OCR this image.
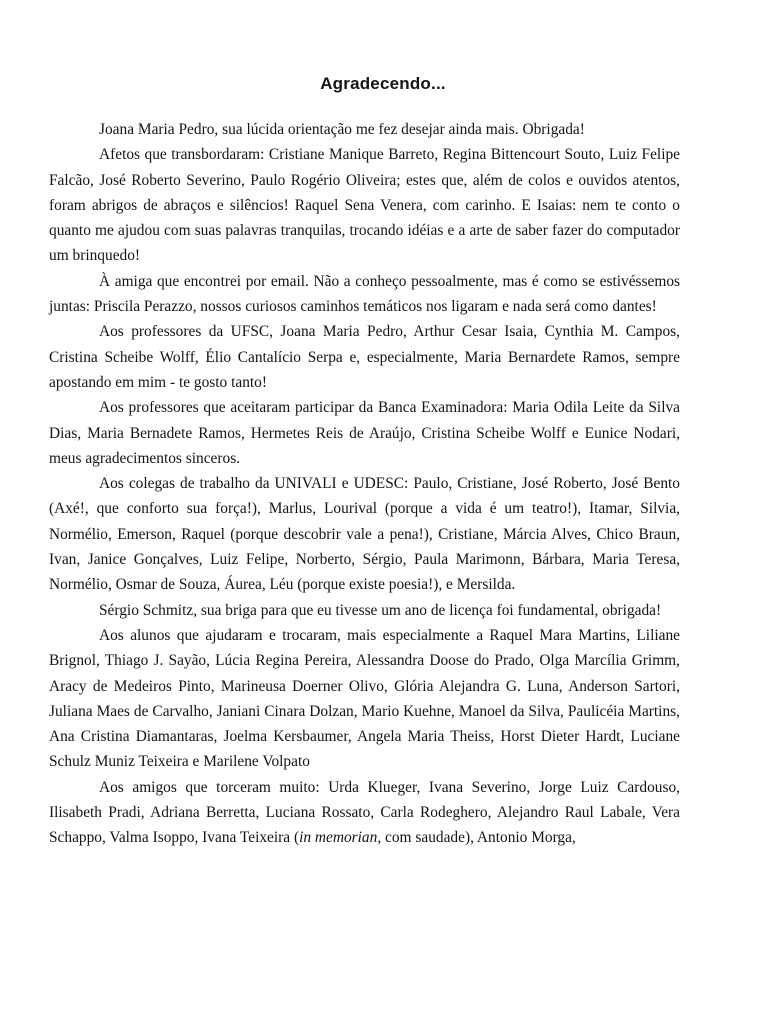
Agradecendo...

Joana Maria Pedro, sua lúcida orientação me fez desejar ainda mais. Obrigada!

Afetos que transbordaram: Cristiane Manique Barreto, Regina Bittencourt Souto, Luiz Felipe Falcão, José Roberto Severino, Paulo Rogério Oliveira; estes que, além de colos e ouvidos atentos, foram abrigos de abraços e silêncios! Raquel Sena Venera, com carinho. E Isaias: nem te conto o quanto me ajudou com suas palavras tranquilas, trocando idéias e a arte de saber fazer do computador um brinquedo!

À amiga que encontrei por email. Não a conheço pessoalmente, mas é como se estivéssemos juntas: Priscila Perazzo, nossos curiosos caminhos temáticos nos ligaram e nada será como dantes!

Aos professores da UFSC, Joana Maria Pedro, Arthur Cesar Isaia, Cynthia M. Campos, Cristina Scheibe Wolff, Élio Cantalício Serpa e, especialmente, Maria Bernardete Ramos, sempre apostando em mim - te gosto tanto!

Aos professores que aceitaram participar da Banca Examinadora: Maria Odila Leite da Silva Dias, Maria Bernadete Ramos, Hermetes Reis de Araújo, Cristina Scheibe Wolff e Eunice Nodari, meus agradecimentos sinceros.

Aos colegas de trabalho da UNIVALI e UDESC: Paulo, Cristiane, José Roberto, José Bento (Axé!, que conforto sua força!), Marlus, Lourival (porque a vida é um teatro!), Itamar, Silvia, Normélio, Emerson, Raquel (porque descobrir vale a pena!), Cristiane, Márcia Alves, Chico Braun, Ivan, Janice Gonçalves, Luiz Felipe, Norberto, Sérgio, Paula Marimonn, Bárbara, Maria Teresa, Normélio, Osmar de Souza, Áurea, Léu (porque existe poesia!), e Mersilda.

Sérgio Schmitz, sua briga para que eu tivesse um ano de licença foi fundamental, obrigada!

Aos alunos que ajudaram e trocaram, mais especialmente a Raquel Mara Martins, Liliane Brignol, Thiago J. Sayão, Lúcia Regina Pereira, Alessandra Doose do Prado, Olga Marcília Grimm, Aracy de Medeiros Pinto, Marineusa Doerner Olivo, Glória Alejandra G. Luna, Anderson Sartori, Juliana Maes de Carvalho, Janiani Cinara Dolzan, Mario Kuehne, Manoel da Silva, Paulicéia Martins, Ana Cristina Diamantaras, Joelma Kersbaumer, Angela Maria Theiss, Horst Dieter Hardt, Luciane Schulz Muniz Teixeira e Marilene Volpato

Aos amigos que torceram muito: Urda Klueger, Ivana Severino, Jorge Luiz Cardouso, Ilisabeth Pradi, Adriana Berretta, Luciana Rossato, Carla Rodeghero, Alejandro Raul Labale, Vera Schappo, Valma Isoppo, Ivana Teixeira (in memorian, com saudade), Antonio Morga,
